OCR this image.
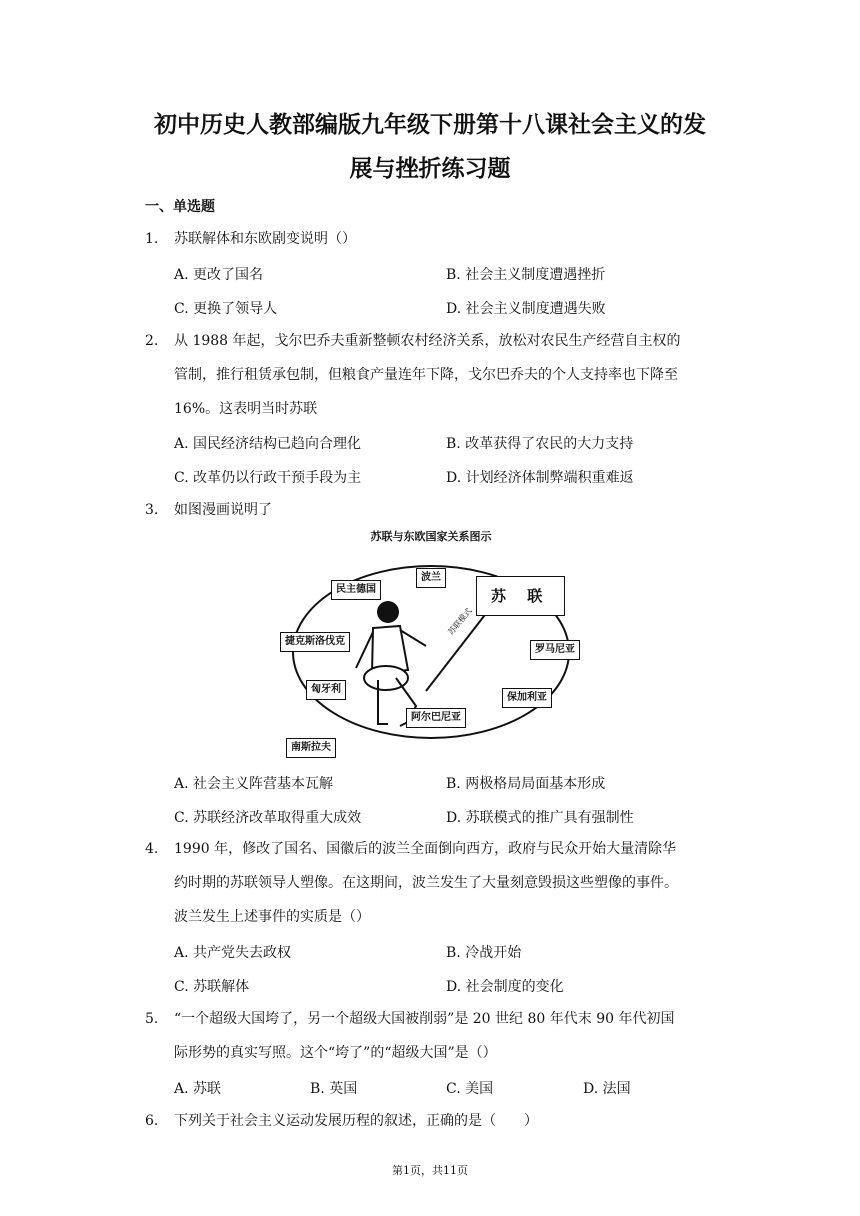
初中历史人教部编版九年级下册第十八课社会主义的发
展与挫折练习题
一、单选题
1. 苏联解体和东欧剧变说明（）
A. 更改了国名	B. 社会主义制度遭遇挫折
C. 更换了领导人	D. 社会主义制度遭遇失败
2. 从 1988 年起，戈尔巴乔夫重新整顿农村经济关系，放松对农民生产经营自主权的
管制，推行租赁承包制，但粮食产量连年下降，戈尔巴乔夫的个人支持率也下降至
16%。这表明当时苏联
A. 国民经济结构已趋向合理化	B. 改革获得了农民的大力支持
C. 改革仍以行政干预手段为主	D. 计划经济体制弊端积重难返
3. 如图漫画说明了
苏联与东欧国家关系图示
苏 联
苏联模式
民主德国
波兰
捷克斯洛伐克
罗马尼亚
匈牙利
保加利亚
阿尔巴尼亚
南斯拉夫
A. 社会主义阵营基本瓦解	B. 两极格局局面基本形成
C. 苏联经济改革取得重大成效	D. 苏联模式的推广具有强制性
4. 1990 年，修改了国名、国徽后的波兰全面倒向西方，政府与民众开始大量清除华
约时期的苏联领导人塑像。在这期间，波兰发生了大量刻意毁损这些塑像的事件。
波兰发生上述事件的实质是（）
A. 共产党失去政权	B. 冷战开始
C. 苏联解体	D. 社会制度的变化
5. “一个超级大国垮了，另一个超级大国被削弱”是 20 世纪 80 年代末 90 年代初国
际形势的真实写照。这个“垮了”的“超级大国”是（）
A. 苏联	B. 英国	C. 美国	D. 法国
6. 下列关于社会主义运动发展历程的叙述，正确的是（　　）
第1页，共11页
